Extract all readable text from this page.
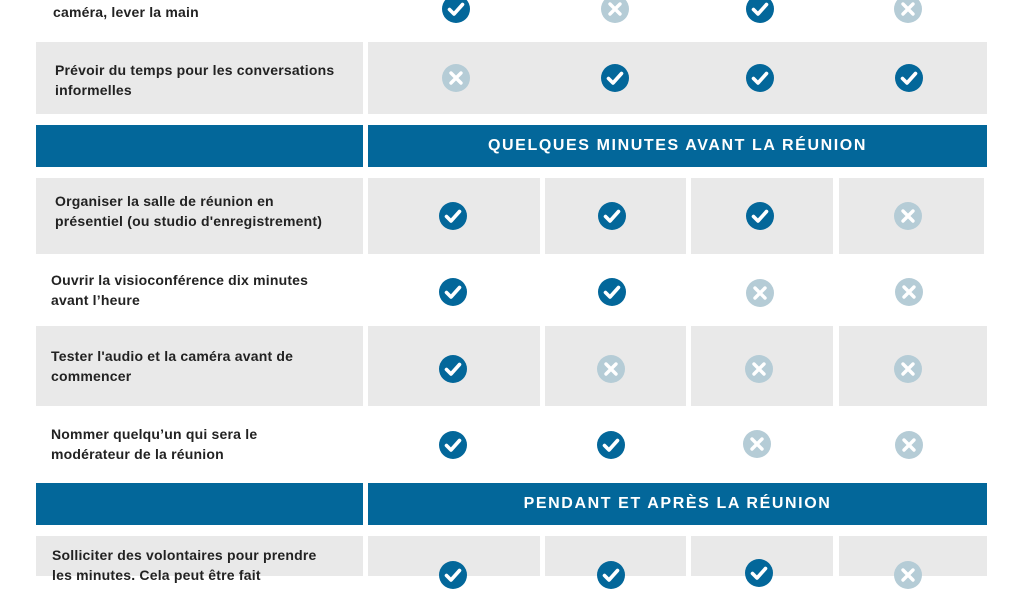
caméra, lever la main
Prévoir du temps pour les conversations
informelles
QUELQUES MINUTES AVANT LA RÉUNION
Organiser la salle de réunion en
présentiel (ou studio d'enregistrement)
Ouvrir la visioconférence dix minutes
avant l’heure
Tester l'audio et la caméra avant de
commencer
Nommer quelqu’un qui sera le
modérateur de la réunion
PENDANT ET APRÈS LA RÉUNION
Solliciter des volontaires pour prendre
les minutes. Cela peut être fait
